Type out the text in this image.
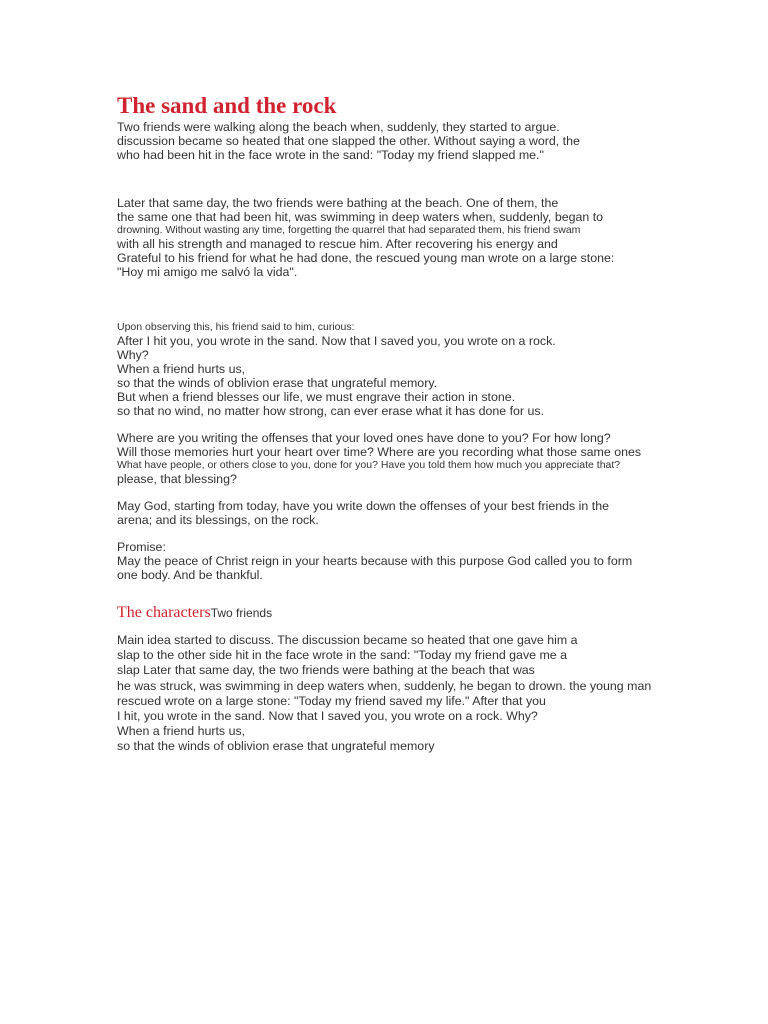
The sand and the rock
Two friends were walking along the beach when, suddenly, they started to argue.
discussion became so heated that one slapped the other. Without saying a word, the
who had been hit in the face wrote in the sand: "Today my friend slapped me."
Later that same day, the two friends were bathing at the beach. One of them, the
the same one that had been hit, was swimming in deep waters when, suddenly, began to
drowning. Without wasting any time, forgetting the quarrel that had separated them, his friend swam
with all his strength and managed to rescue him. After recovering his energy and
Grateful to his friend for what he had done, the rescued young man wrote on a large stone:
"Hoy mi amigo me salvó la vida".
Upon observing this, his friend said to him, curious:
After I hit you, you wrote in the sand. Now that I saved you, you wrote on a rock.
Why?
When a friend hurts us,
so that the winds of oblivion erase that ungrateful memory.
But when a friend blesses our life, we must engrave their action in stone.
so that no wind, no matter how strong, can ever erase what it has done for us.
Where are you writing the offenses that your loved ones have done to you? For how long?
Will those memories hurt your heart over time? Where are you recording what those same ones
What have people, or others close to you, done for you? Have you told them how much you appreciate that?
please, that blessing?
May God, starting from today, have you write down the offenses of your best friends in the
arena; and its blessings, on the rock.
Promise:
May the peace of Christ reign in your hearts because with this purpose God called you to form
one body. And be thankful.
The characters Two friends
Main idea started to discuss. The discussion became so heated that one gave him a
slap to the other side hit in the face wrote in the sand: "Today my friend gave me a
slap Later that same day, the two friends were bathing at the beach that was
he was struck, was swimming in deep waters when, suddenly, he began to drown. the young man
rescued wrote on a large stone: "Today my friend saved my life." After that you
I hit, you wrote in the sand. Now that I saved you, you wrote on a rock. Why?
When a friend hurts us,
so that the winds of oblivion erase that ungrateful memory
